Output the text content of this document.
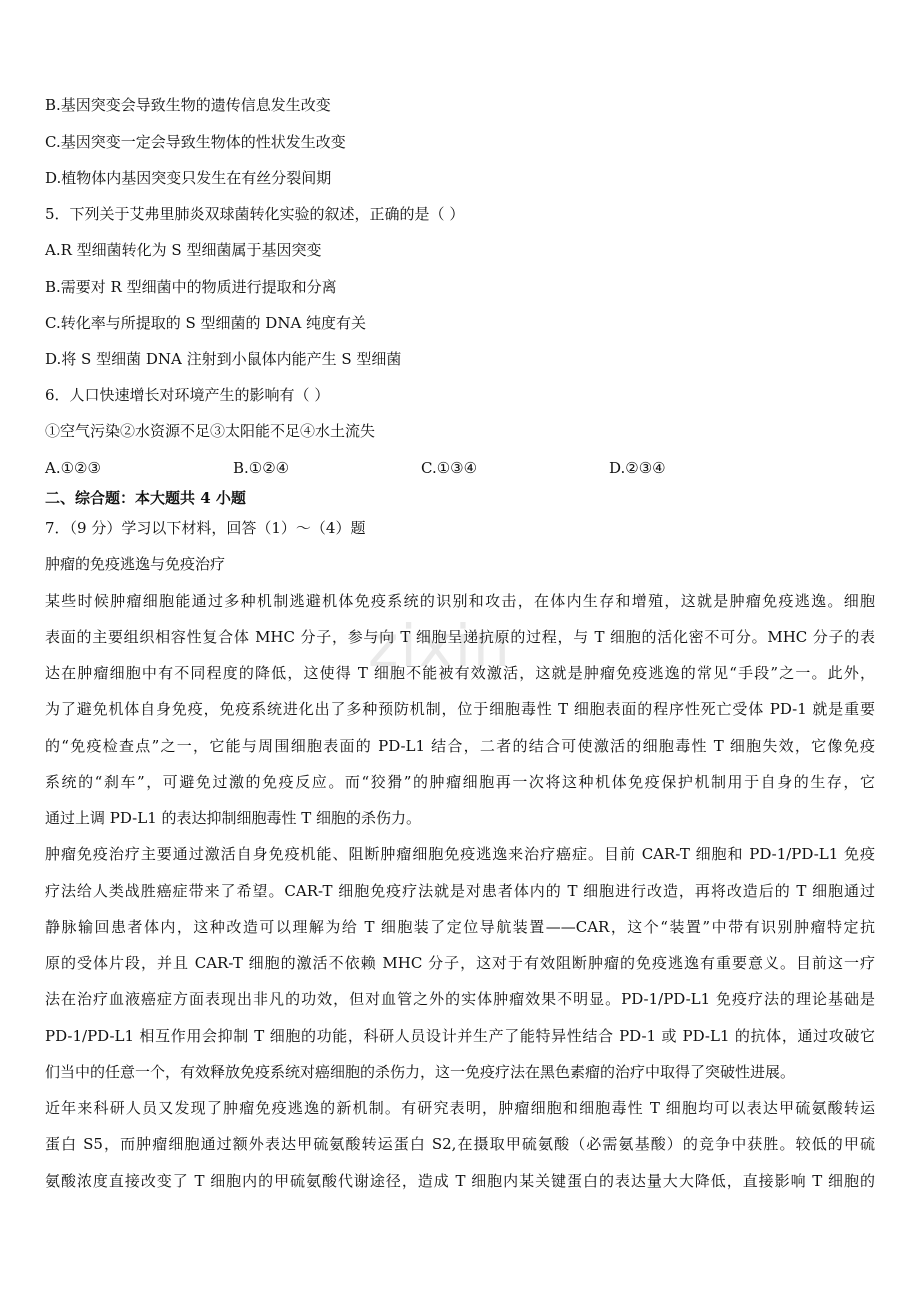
zixin
B.基因突变会导致生物的遗传信息发生改变
C.基因突变一定会导致生物体的性状发生改变
D.植物体内基因突变只发生在有丝分裂间期
5．下列关于艾弗里肺炎双球菌转化实验的叙述，正确的是（ ）
A.R 型细菌转化为 S 型细菌属于基因突变
B.需要对 R 型细菌中的物质进行提取和分离
C.转化率与所提取的 S 型细菌的 DNA 纯度有关
D.将 S 型细菌 DNA 注射到小鼠体内能产生 S 型细菌
6．人口快速增长对环境产生的影响有（ ）
①空气污染②水资源不足③太阳能不足④水土流失
A.①②③	B.①②④	C.①③④	D.②③④
二、综合题：本大题共 4 小题
7．（9 分）学习以下材料，回答（1）～（4）题
肿瘤的免疫逃逸与免疫治疗
某些时候肿瘤细胞能通过多种机制逃避机体免疫系统的识别和攻击，在体内生存和增殖，这就是肿瘤免疫逃逸。细胞
表面的主要组织相容性复合体 MHC 分子，参与向 T 细胞呈递抗原的过程，与 T 细胞的活化密不可分。MHC 分子的表
达在肿瘤细胞中有不同程度的降低，这使得 T 细胞不能被有效激活，这就是肿瘤免疫逃逸的常见“手段”之一。此外，
为了避免机体自身免疫，免疫系统进化出了多种预防机制，位于细胞毒性 T 细胞表面的程序性死亡受体 PD-1 就是重要
的“免疫检查点”之一，它能与周围细胞表面的 PD-L1 结合，二者的结合可使激活的细胞毒性 T 细胞失效，它像免疫
系统的“刹车”，可避免过激的免疫反应。而“狡猾”的肿瘤细胞再一次将这种机体免疫保护机制用于自身的生存，它
通过上调 PD-L1 的表达抑制细胞毒性 T 细胞的杀伤力。
肿瘤免疫治疗主要通过激活自身免疫机能、阻断肿瘤细胞免疫逃逸来治疗癌症。目前 CAR-T 细胞和 PD-1/PD-L1 免疫
疗法给人类战胜癌症带来了希望。CAR-T 细胞免疫疗法就是对患者体内的 T 细胞进行改造，再将改造后的 T 细胞通过
静脉输回患者体内，这种改造可以理解为给 T 细胞装了定位导航装置——CAR，这个“装置”中带有识别肿瘤特定抗
原的受体片段，并且 CAR-T 细胞的激活不依赖 MHC 分子，这对于有效阻断肿瘤的免疫逃逸有重要意义。目前这一疗
法在治疗血液癌症方面表现出非凡的功效，但对血管之外的实体肿瘤效果不明显。PD-1/PD-L1 免疫疗法的理论基础是
PD-1/PD-L1 相互作用会抑制 T 细胞的功能，科研人员设计并生产了能特异性结合 PD-1 或 PD-L1 的抗体，通过攻破它
们当中的任意一个，有效释放免疫系统对癌细胞的杀伤力，这一免疫疗法在黑色素瘤的治疗中取得了突破性进展。
近年来科研人员又发现了肿瘤免疫逃逸的新机制。有研究表明，肿瘤细胞和细胞毒性 T 细胞均可以表达甲硫氨酸转运
蛋白 S5，而肿瘤细胞通过额外表达甲硫氨酸转运蛋白 S2,在摄取甲硫氨酸（必需氨基酸）的竞争中获胜。较低的甲硫
氨酸浓度直接改变了 T 细胞内的甲硫氨酸代谢途径，造成 T 细胞内某关键蛋白的表达量大大降低，直接影响 T 细胞的
